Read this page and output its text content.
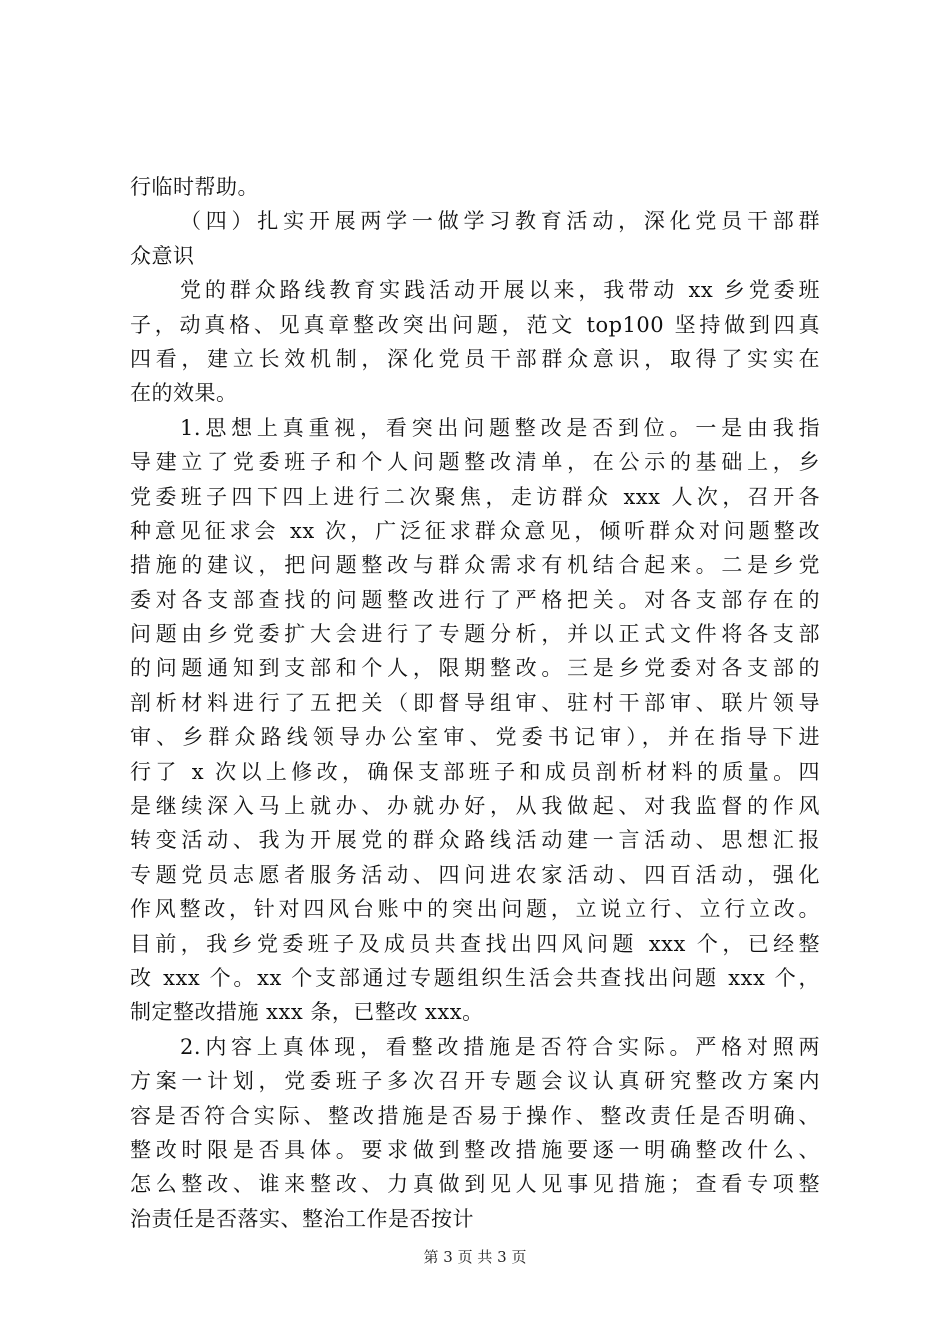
行临时帮助。
（四）扎实开展两学一做学习教育活动，深化党员干部群
众意识
党的群众路线教育实践活动开展以来，我带动 xx 乡党委班
子，动真格、见真章整改突出问题，范文 top100 坚持做到四真
四看，建立长效机制，深化党员干部群众意识，取得了实实在
在的效果。
1.思想上真重视，看突出问题整改是否到位。一是由我指
导建立了党委班子和个人问题整改清单，在公示的基础上，乡
党委班子四下四上进行二次聚焦，走访群众 xxx 人次，召开各
种意见征求会 xx 次，广泛征求群众意见，倾听群众对问题整改
措施的建议，把问题整改与群众需求有机结合起来。二是乡党
委对各支部查找的问题整改进行了严格把关。对各支部存在的
问题由乡党委扩大会进行了专题分析，并以正式文件将各支部
的问题通知到支部和个人，限期整改。三是乡党委对各支部的
剖析材料进行了五把关（即督导组审、驻村干部审、联片领导
审、乡群众路线领导办公室审、党委书记审），并在指导下进
行了 x 次以上修改，确保支部班子和成员剖析材料的质量。四
是继续深入马上就办、办就办好，从我做起、对我监督的作风
转变活动、我为开展党的群众路线活动建一言活动、思想汇报
专题党员志愿者服务活动、四问进农家活动、四百活动，强化
作风整改，针对四风台账中的突出问题，立说立行、立行立改。
目前，我乡党委班子及成员共查找出四风问题 xxx 个，已经整
改 xxx 个。xx 个支部通过专题组织生活会共查找出问题 xxx 个，
制定整改措施 xxx 条，已整改 xxx。
2.内容上真体现，看整改措施是否符合实际。严格对照两
方案一计划，党委班子多次召开专题会议认真研究整改方案内
容是否符合实际、整改措施是否易于操作、整改责任是否明确、
整改时限是否具体。要求做到整改措施要逐一明确整改什么、
怎么整改、谁来整改、力真做到见人见事见措施；查看专项整
治责任是否落实、整治工作是否按计
第 3 页 共 3 页
